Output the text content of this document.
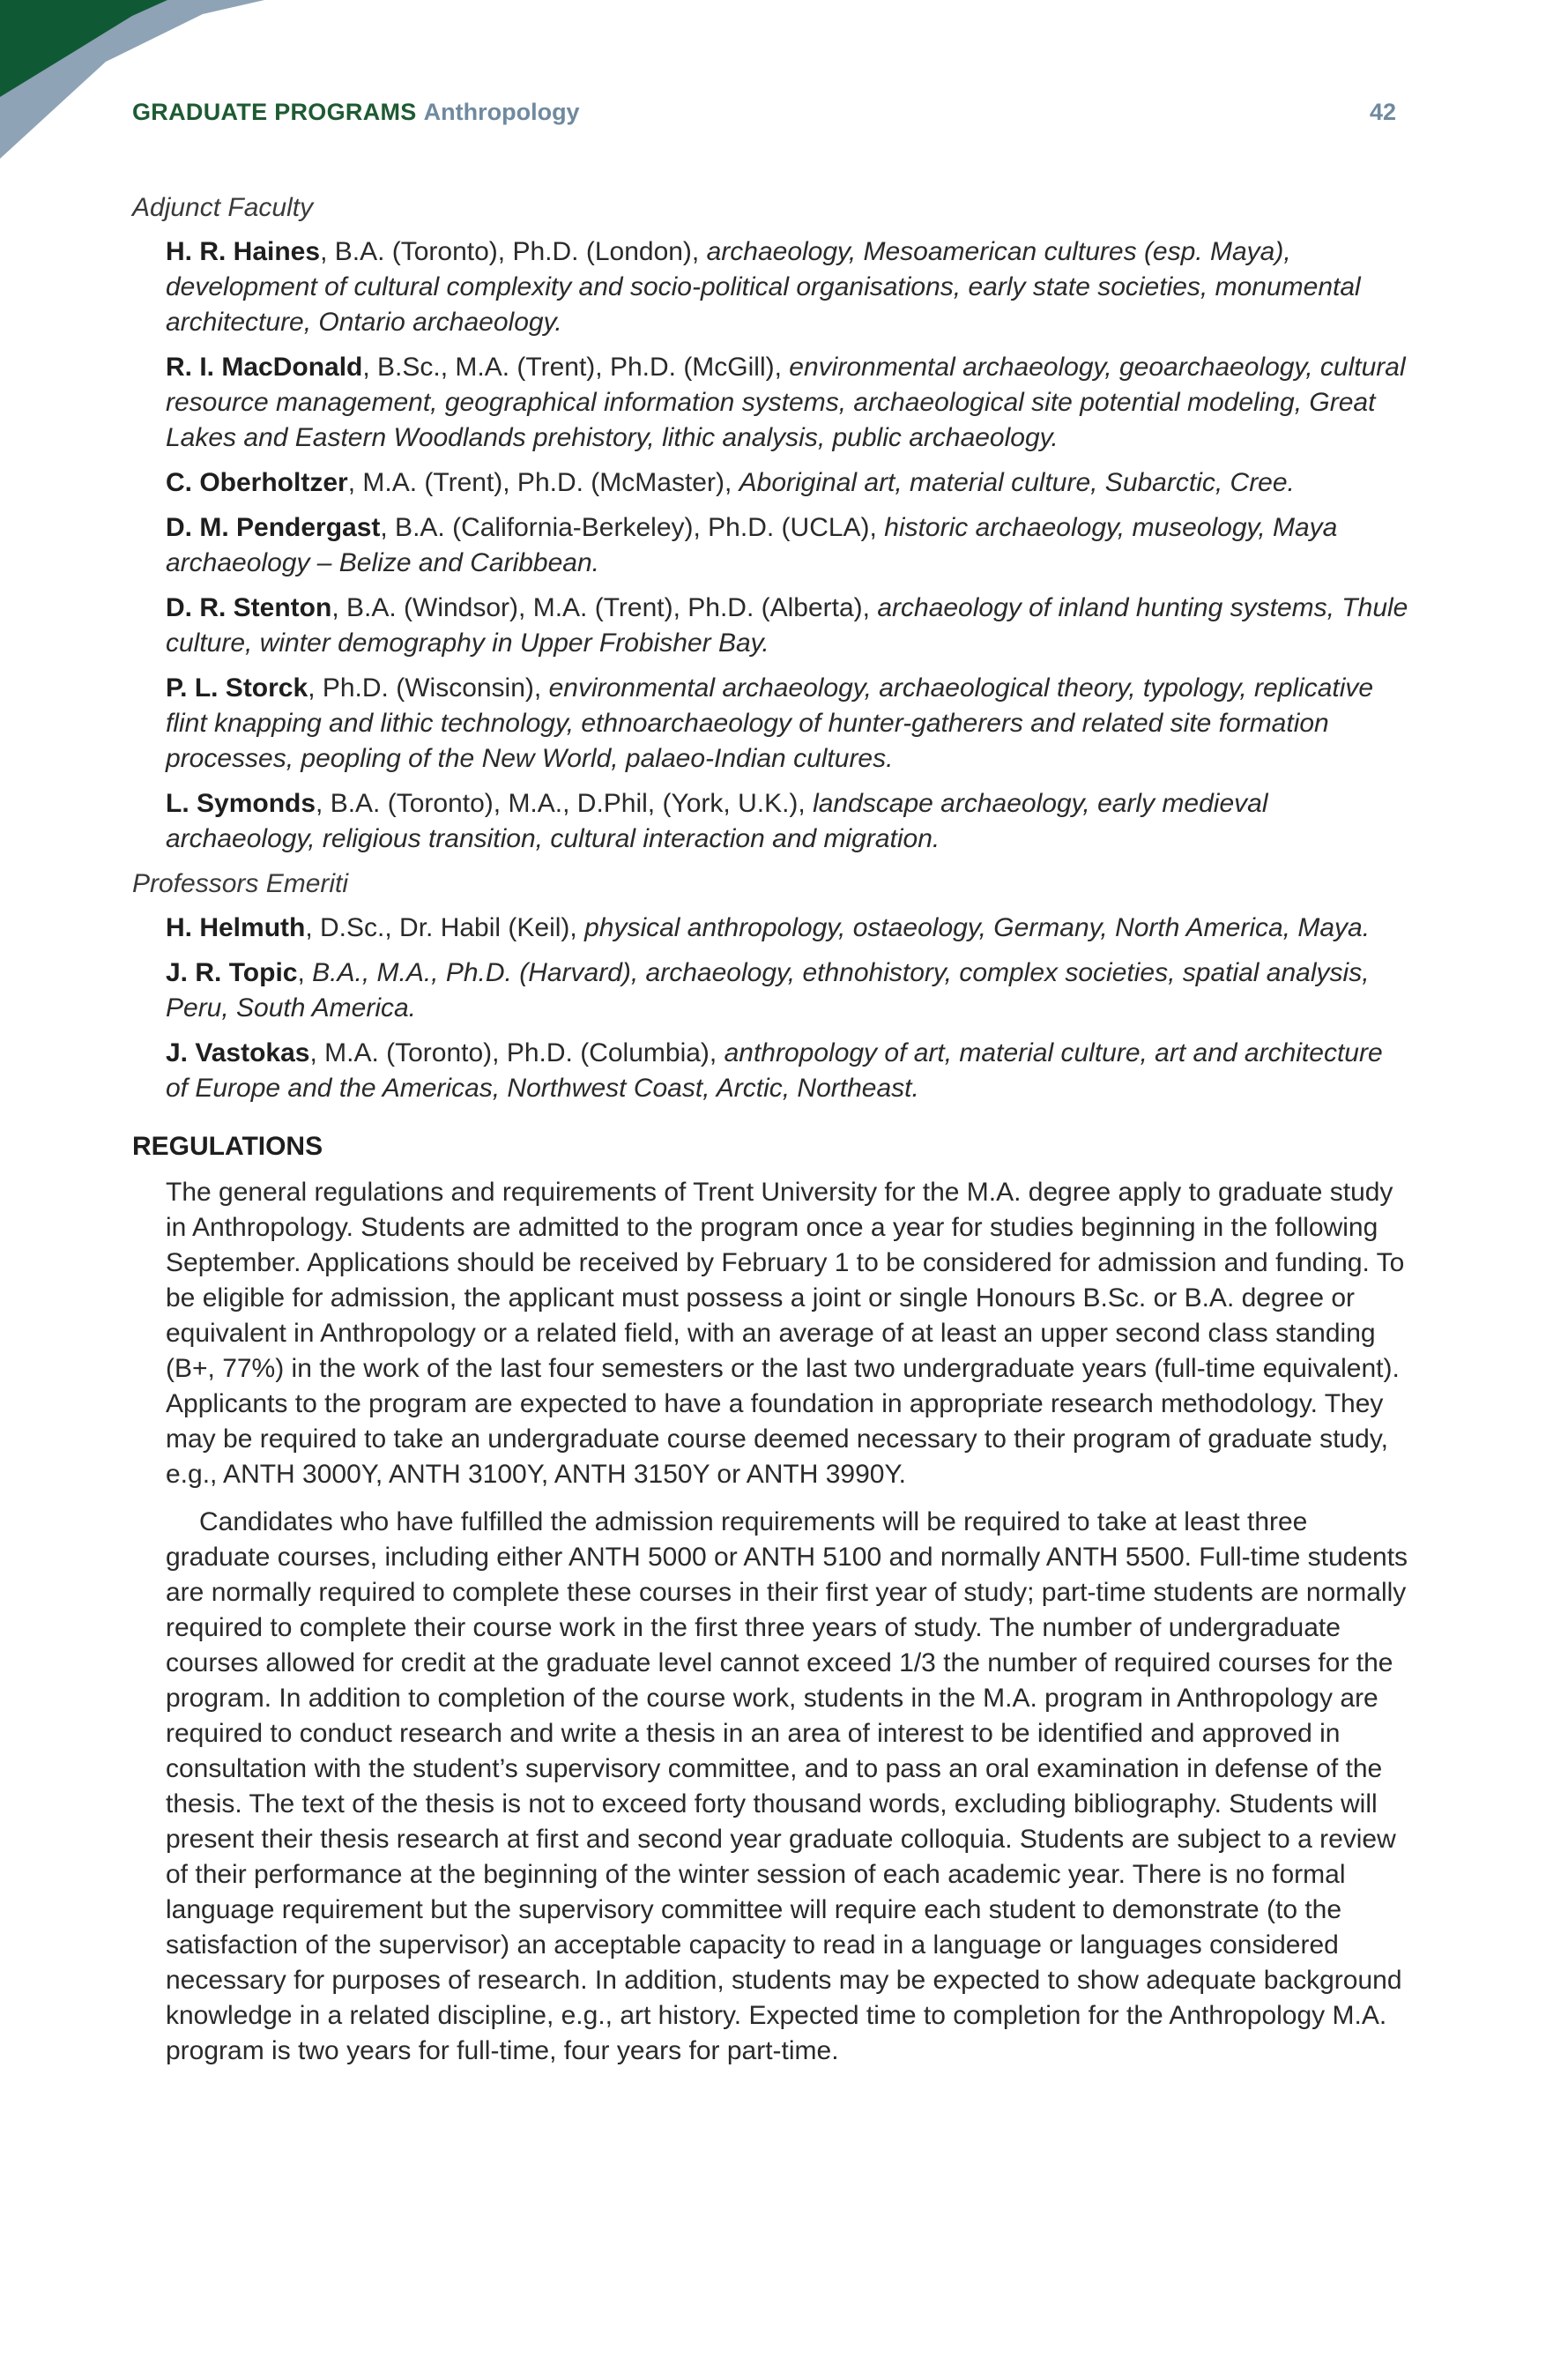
GRADUATE PROGRAMS Anthropology	42
Adjunct Faculty

H. R. Haines, B.A. (Toronto), Ph.D. (London), archaeology, Mesoamerican cultures (esp. Maya), development of cultural complexity and socio-political organisations, early state societies, monumental architecture, Ontario archaeology.

R. I. MacDonald, B.Sc., M.A. (Trent), Ph.D. (McGill), environmental archaeology, geoarchaeology, cultural resource management, geographical information systems, archaeological site potential modeling, Great Lakes and Eastern Woodlands prehistory, lithic analysis, public archaeology.

C. Oberholtzer, M.A. (Trent), Ph.D. (McMaster), Aboriginal art, material culture, Subarctic, Cree.

D. M. Pendergast, B.A. (California-Berkeley), Ph.D. (UCLA), historic archaeology, museology, Maya archaeology – Belize and Caribbean.

D. R. Stenton, B.A. (Windsor), M.A. (Trent), Ph.D. (Alberta), archaeology of inland hunting systems, Thule culture, winter demography in Upper Frobisher Bay.

P. L. Storck, Ph.D. (Wisconsin), environmental archaeology, archaeological theory, typology, replicative flint knapping and lithic technology, ethnoarchaeology of hunter-gatherers and related site formation processes, peopling of the New World, palaeo-Indian cultures.

L. Symonds, B.A. (Toronto), M.A., D.Phil, (York, U.K.), landscape archaeology, early medieval archaeology, religious transition, cultural interaction and migration.

Professors Emeriti

H. Helmuth, D.Sc., Dr. Habil (Keil), physical anthropology, ostaeology, Germany, North America, Maya.

J. R. Topic, B.A., M.A., Ph.D. (Harvard), archaeology, ethnohistory, complex societies, spatial analysis, Peru, South America.

J. Vastokas, M.A. (Toronto), Ph.D. (Columbia), anthropology of art, material culture, art and architecture of Europe and the Americas, Northwest Coast, Arctic, Northeast.

REGULATIONS

The general regulations and requirements of Trent University for the M.A. degree apply to graduate study in Anthropology. Students are admitted to the program once a year for studies beginning in the following September. Applications should be received by February 1 to be considered for admission and funding. To be eligible for admission, the applicant must possess a joint or single Honours B.Sc. or B.A. degree or equivalent in Anthropology or a related field, with an average of at least an upper second class standing (B+, 77%) in the work of the last four semesters or the last two undergraduate years (full-time equivalent). Applicants to the program are expected to have a foundation in appropriate research methodology. They may be required to take an undergraduate course deemed necessary to their program of graduate study, e.g., ANTH 3000Y, ANTH 3100Y, ANTH 3150Y or ANTH 3990Y.

Candidates who have fulfilled the admission requirements will be required to take at least three graduate courses, including either ANTH 5000 or ANTH 5100 and normally ANTH 5500. Full-time students are normally required to complete these courses in their first year of study; part-time students are normally required to complete their course work in the first three years of study. The number of undergraduate courses allowed for credit at the graduate level cannot exceed 1/3 the number of required courses for the program. In addition to completion of the course work, students in the M.A. program in Anthropology are required to conduct research and write a thesis in an area of interest to be identified and approved in consultation with the student’s supervisory committee, and to pass an oral examination in defense of the thesis. The text of the thesis is not to exceed forty thousand words, excluding bibliography. Students will present their thesis research at first and second year graduate colloquia. Students are subject to a review of their performance at the beginning of the winter session of each academic year. There is no formal language requirement but the supervisory committee will require each student to demonstrate (to the satisfaction of the supervisor) an acceptable capacity to read in a language or languages considered necessary for purposes of research. In addition, students may be expected to show adequate background knowledge in a related discipline, e.g., art history. Expected time to completion for the Anthropology M.A. program is two years for full-time, four years for part-time.
